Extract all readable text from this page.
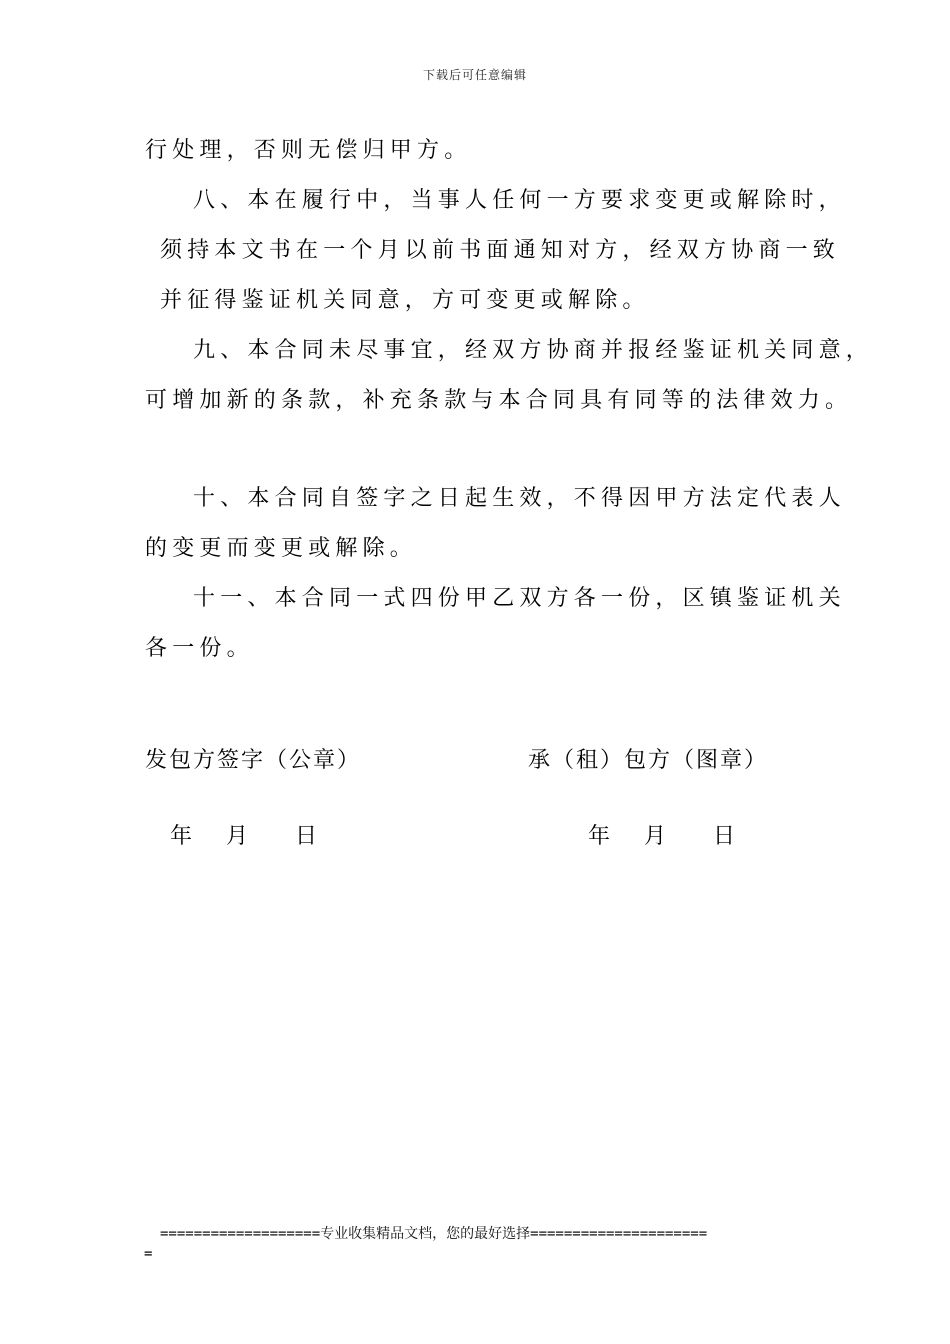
下载后可任意编辑
行处理，否则无偿归甲方。
八、本在履行中，当事人任何一方要求变更或解除时，
须持本文书在一个月以前书面通知对方，经双方协商一致
并征得鉴证机关同意，方可变更或解除。
九、本合同未尽事宜，经双方协商并报经鉴证机关同意，
可增加新的条款，补充条款与本合同具有同等的法律效力。
十、本合同自签字之日起生效，不得因甲方法定代表人
的变更而变更或解除。
十一、本合同一式四份甲乙双方各一份，区镇鉴证机关
各一份。
发包方签字（公章）	承（租）包方（图章）
年　月　 日	年　月　 日
===================专业收集精品文档，您的最好选择=====================
=
